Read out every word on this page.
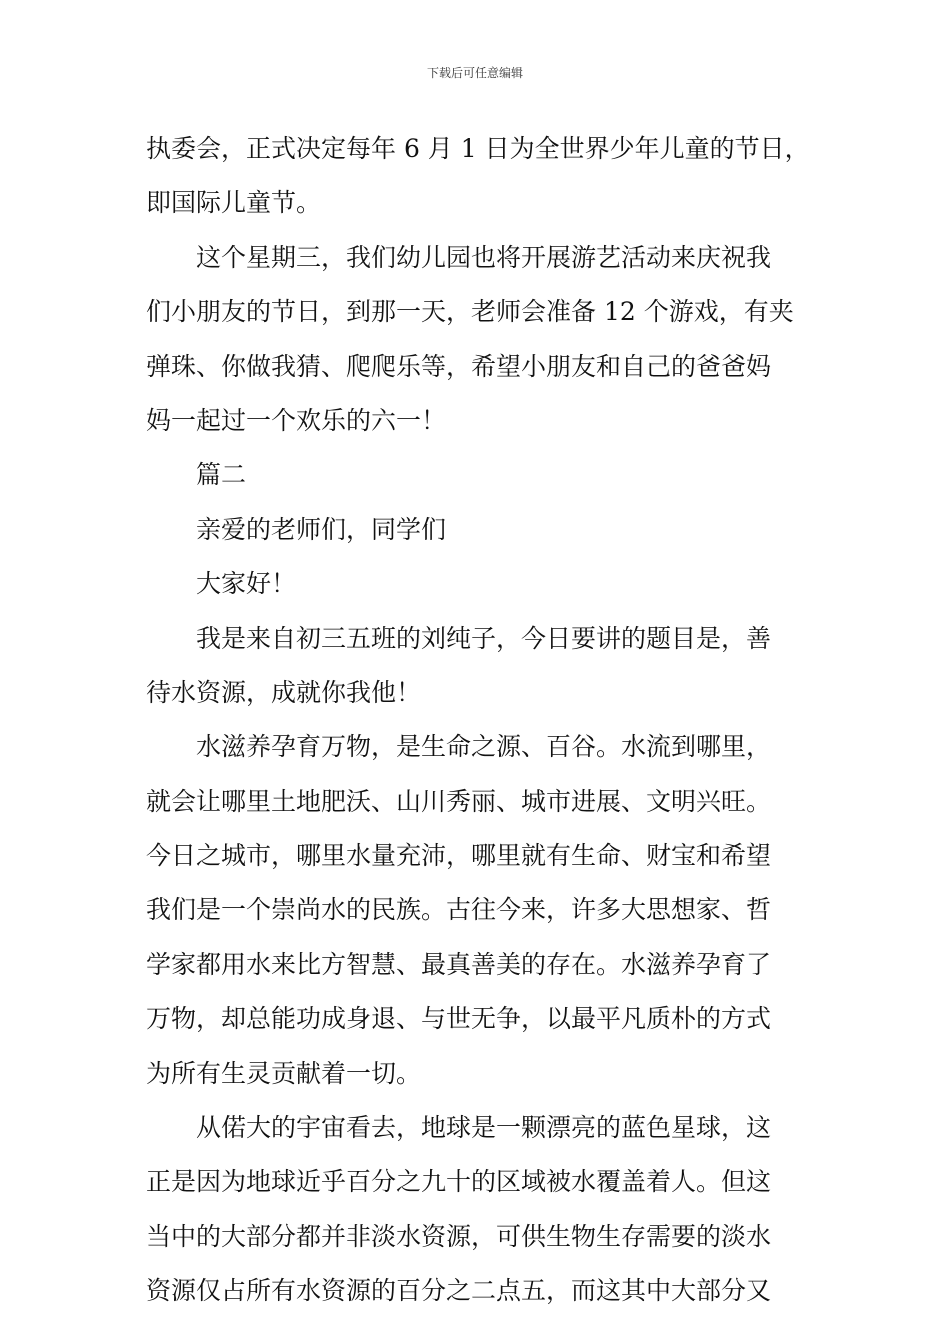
下载后可任意编辑
执委会，正式决定每年 6 月 1 日为全世界少年儿童的节日，
即国际儿童节。
这个星期三，我们幼儿园也将开展游艺活动来庆祝我
们小朋友的节日，到那一天，老师会准备 12 个游戏，有夹
弹珠、你做我猜、爬爬乐等，希望小朋友和自己的爸爸妈
妈一起过一个欢乐的六一！
篇二
亲爱的老师们，同学们
大家好！
我是来自初三五班的刘纯子，今日要讲的题目是，善
待水资源，成就你我他！
水滋养孕育万物，是生命之源、百谷。水流到哪里，
就会让哪里土地肥沃、山川秀丽、城市进展、文明兴旺。
今日之城市，哪里水量充沛，哪里就有生命、财宝和希望
我们是一个崇尚水的民族。古往今来，许多大思想家、哲
学家都用水来比方智慧、最真善美的存在。水滋养孕育了
万物，却总能功成身退、与世无争，以最平凡质朴的方式
为所有生灵贡献着一切。
从偌大的宇宙看去，地球是一颗漂亮的蓝色星球，这
正是因为地球近乎百分之九十的区域被水覆盖着人。但这
当中的大部分都并非淡水资源，可供生物生存需要的淡水
资源仅占所有水资源的百分之二点五，而这其中大部分又
